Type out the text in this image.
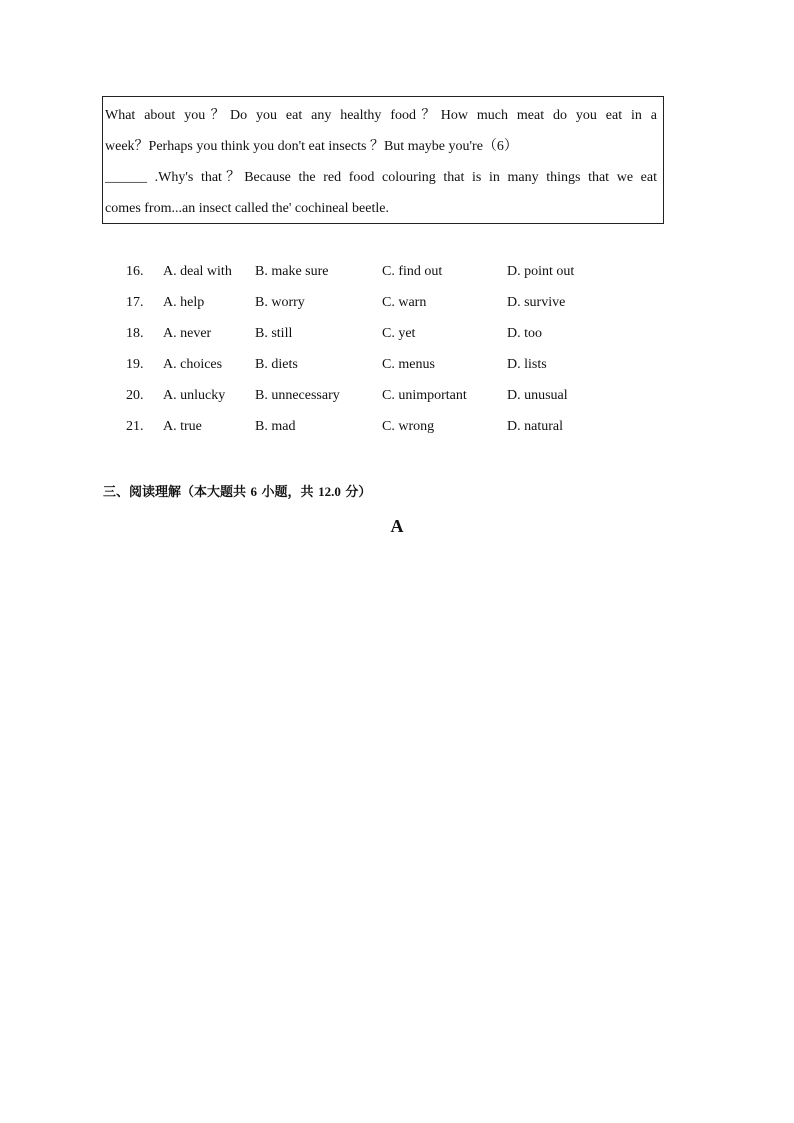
What about you？Do you eat any healthy food？How much meat do you eat in a
week？Perhaps you think you don't eat insects ？But maybe you're（6）
______ .Why's that？Because the red food colouring that is in many things that we eat
comes from...an insect called the' cochineal beetle.
16. A. deal with B. make sure	C. find out	D. point out
17. A. help	B. worry	C. warn	D. survive
18. A. never	B. still	C. yet	D. too
19. A. choices B. diets	C. menus	D. lists
20. A. unlucky B. unnecessary	C. unimportant	D. unusual
21. A. true	B. mad	C. wrong	D. natural
三、阅读理解（本大题共 6 小题，共 12.0 分）
A
